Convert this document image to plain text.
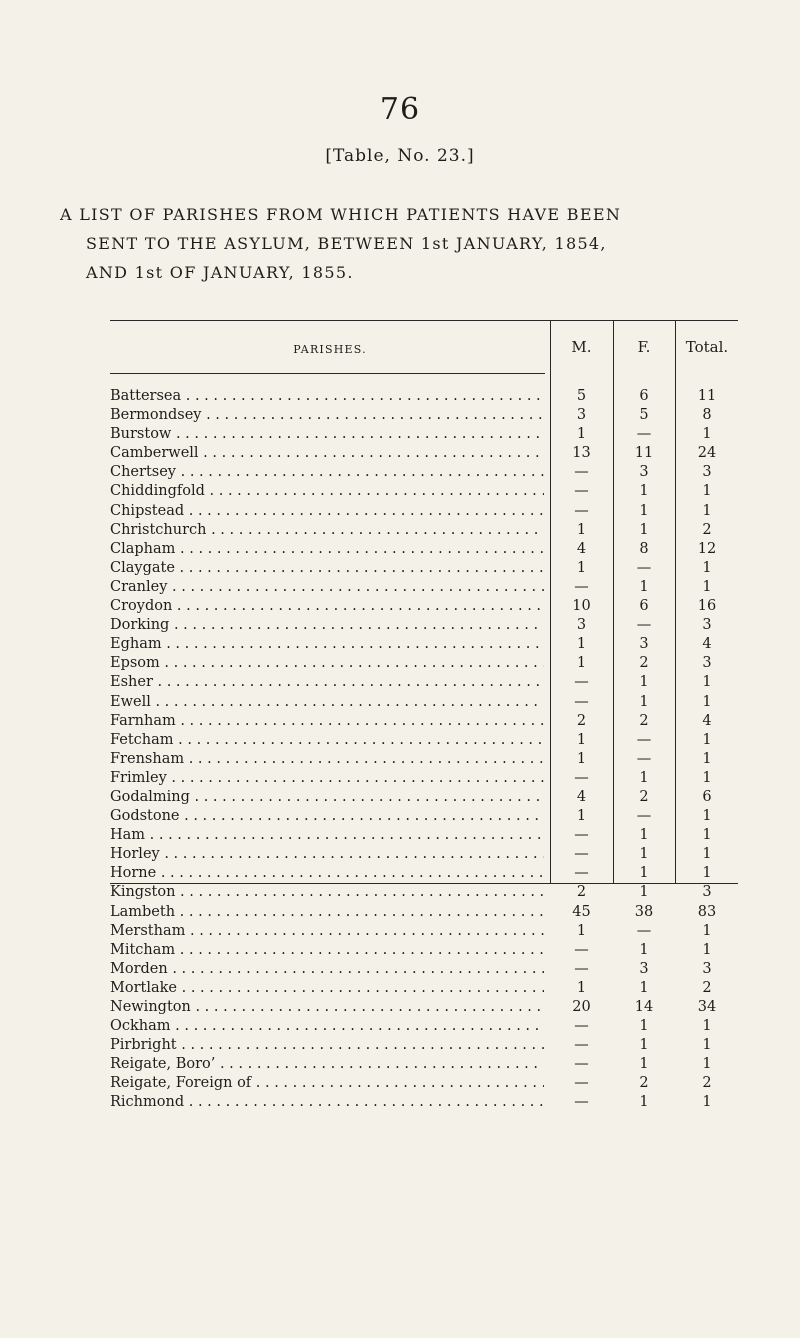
76
[Table, No. 23.]
A LIST OF PARISHES FROM WHICH PATIENTS HAVE BEEN
SENT TO THE ASYLUM, BETWEEN 1st JANUARY, 1854,
AND 1st OF JANUARY, 1855.
PARISHES.	M.	F.	Total.
Battersea . . .	5	6	11
Bermondsey . . .	3	5	8
Burstow . . .	1	—	1
Camberwell . . .	13	11	24
Chertsey . . .	—	3	3
Chiddingfold . . .	—	1	1
Chipstead . . .	—	1	1
Christchurch . . .	1	1	2
Clapham . . .	4	8	12
Claygate . . .	1	—	1
Cranley . . .	—	1	1
Croydon . . .	10	6	16
Dorking . . .	3	—	3
Egham . . .	1	3	4
Epsom . . .	1	2	3
Esher . . .	—	1	1
Ewell . . .	—	1	1
Farnham . . .	2	2	4
Fetcham . . .	1	—	1
Frensham . . .	1	—	1
Frimley . . .	—	1	1
Godalming . . .	4	2	6
Godstone . . .	1	—	1
Ham . . .	—	1	1
Horley . . .	—	1	1
Horne . . .	—	1	1
Kingston . . .	2	1	3
Lambeth . . .	45	38	83
Merstham . . .	1	—	1
Mitcham . . .	—	1	1
Morden . . .	—	3	3
Mortlake . . .	1	1	2
Newington . . .	20	14	34
Ockham . . .	—	1	1
Pirbright . . .	—	1	1
Reigate, Boro’ . . .	—	1	1
Reigate, Foreign of . . .	—	2	2
Richmond . . .	—	1	1
